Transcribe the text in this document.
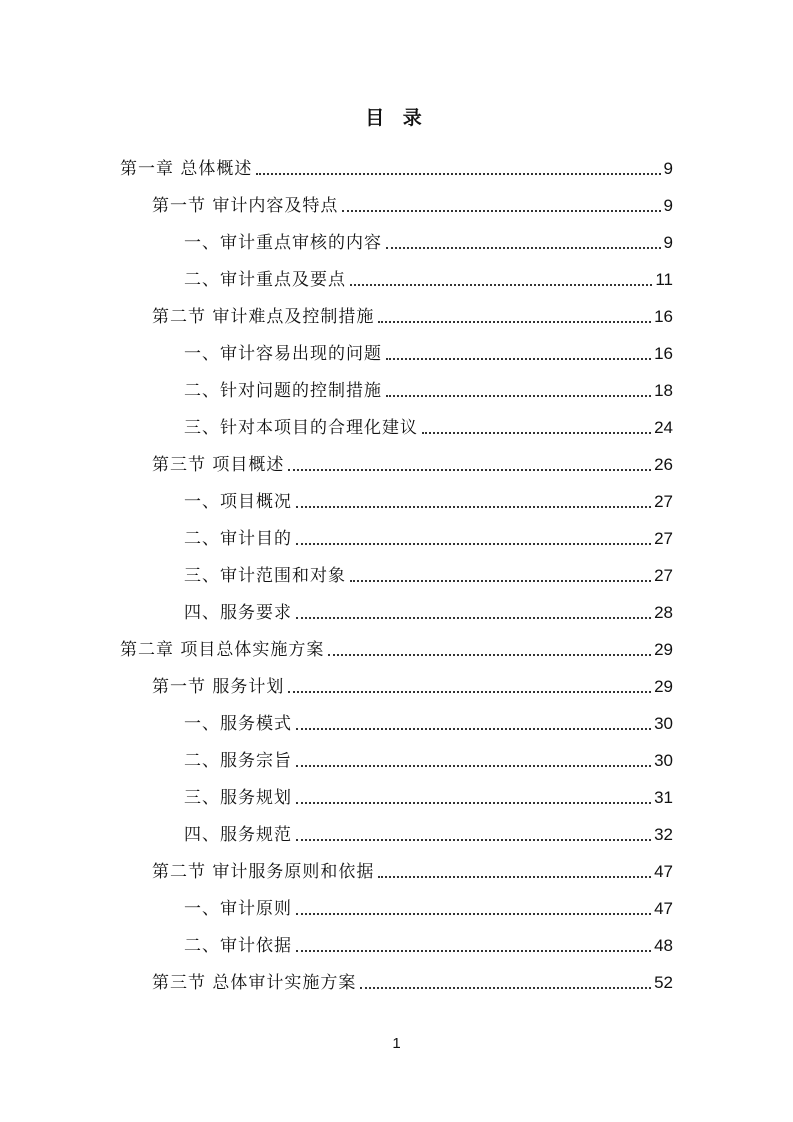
目 录
第一章 总体概述	9
第一节 审计内容及特点	9
一、审计重点审核的内容	9
二、审计重点及要点	11
第二节 审计难点及控制措施	16
一、审计容易出现的问题	16
二、针对问题的控制措施	18
三、针对本项目的合理化建议	24
第三节 项目概述	26
一、项目概况	27
二、审计目的	27
三、审计范围和对象	27
四、服务要求	28
第二章 项目总体实施方案	29
第一节 服务计划	29
一、服务模式	30
二、服务宗旨	30
三、服务规划	31
四、服务规范	32
第二节 审计服务原则和依据	47
一、审计原则	47
二、审计依据	48
第三节 总体审计实施方案	52
1
